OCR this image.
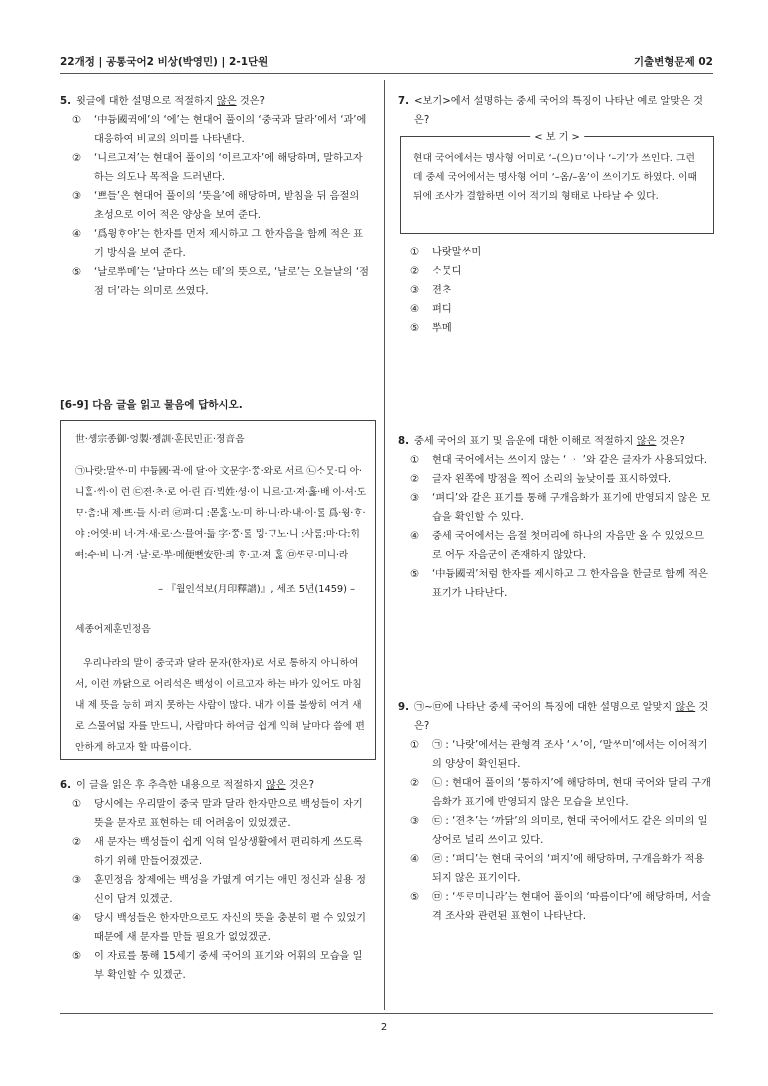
22개정 | 공통국어2 비상(박영민) | 2-1단원	기출변형문제 02
5. 윗글에 대한 설명으로 적절하지 않은 것은?
① ‘中듕國귁에’의 ‘에’는 현대어 풀이의 ‘중국과 달라’에서 ‘과’에 대응하여 비교의 의미를 나타낸다.
② ‘니르고져’는 현대어 풀이의 ‘이르고자’에 해당하며, 말하고자 하는 의도나 목적을 드러낸다.
③ ‘쁘들’은 현대어 풀이의 ‘뜻을’에 해당하며, 받침을 뒤 음절의 초성으로 이어 적은 양상을 보여 준다.
④ ‘爲윙ᄒᆞ야’는 한자를 먼저 제시하고 그 한자음을 함께 적은 표기 방식을 보여 준다.
⑤ ‘날로ᄡᅮ메’는 ‘날마다 쓰는 데’의 뜻으로, ‘날로’는 오늘날의 ‘점점 더’라는 의미로 쓰였다.
[6-9] 다음 글을 읽고 물음에 답하시오.
世·솅宗종御·엉製·졩訓·훈民민正·졍音음
㉠나랏:말ᄊᆞ·미 中듕國·귁·에 달·아 文문字·ᄍᆞᆼ·와로 서르 ㉡ᄉᆞᄆᆞᆺ·디 아·니ᄒᆞᆯ·ᄊᆡ·이 런 ㉢젼·ᄎᆞ·로 어·린 百·ᄇᆡᆨ姓·셩·이 니르·고·져·홇·배 이·셔·도 ᄆᆞ·ᄎᆞᆷ:내 제·ᄠᅳ·들 시·러 ㉣펴·디 :몯ᄒᆞᇙ·노·미 하·니·라·내·이·ᄅᆞᆯ 爲·윙·ᄒᆞ·야 :어엿·비 너·겨·새·로·스·믈여·듧 字·ᄍᆞᆼ·ᄅᆞᆯ ᄆᆡᇰ·ᄀᆞ노·니 :사ᄅᆞᆷ:마·다:ᄒᆡᅇᅧ:수·비 니·겨 ·날·로·ᄡᅮ·메便뼌安ᅙᅡᆫ·킈 ᄒᆞ·고·져 ᄒᆞᇙ ㉤ᄯᆞᄅᆞ·미니·라
– 『월인석보(月印釋譜)』, 세조 5년(1459) –
세종어제훈민정음
우리나라의 말이 중국과 달라 문자(한자)로 서로 통하지 아니하여서, 이런 까닭으로 어리석은 백성이 이르고자 하는 바가 있어도 마침내 제 뜻을 능히 펴지 못하는 사람이 많다. 내가 이를 불쌍히 여겨 새로 스물여덟 자를 만드니, 사람마다 하여금 쉽게 익혀 날마다 씀에 편안하게 하고자 할 따름이다.
6. 이 글을 읽은 후 추측한 내용으로 적절하지 않은 것은?
① 당시에는 우리말이 중국 말과 달라 한자만으로 백성들이 자기 뜻을 문자로 표현하는 데 어려움이 있었겠군.
② 새 문자는 백성들이 쉽게 익혀 일상생활에서 편리하게 쓰도록 하기 위해 만들어졌겠군.
③ 훈민정음 창제에는 백성을 가엾게 여기는 애민 정신과 실용 정신이 담겨 있겠군.
④ 당시 백성들은 한자만으로도 자신의 뜻을 충분히 펼 수 있었기 때문에 새 문자를 만들 필요가 없었겠군.
⑤ 이 자료를 통해 15세기 중세 국어의 표기와 어휘의 모습을 일부 확인할 수 있겠군.
7. <보기>에서 설명하는 중세 국어의 특징이 나타난 예로 알맞은 것은?
< 보 기 >
현대 국어에서는 명사형 어미로 ‘–(으)ㅁ’이나 ‘–기’가 쓰인다. 그런데 중세 국어에서는 명사형 어미 ‘–옴/–움’이 쓰이기도 하였다. 이때 뒤에 조사가 결합하면 이어 적기의 형태로 나타날 수 있다.
① 나랏말ᄊᆞ미
② ᄉᆞᄆᆞᆺ디
③ 젼ᄎᆞ
④ 펴디
⑤ ᄡᅮ메
8. 중세 국어의 표기 및 음운에 대한 이해로 적절하지 않은 것은?
① 현대 국어에서는 쓰이지 않는 ‘ ᆞ ’와 같은 글자가 사용되었다.
② 글자 왼쪽에 방점을 찍어 소리의 높낮이를 표시하였다.
③ ‘펴디’와 같은 표기를 통해 구개음화가 표기에 반영되지 않은 모습을 확인할 수 있다.
④ 중세 국어에서는 음절 첫머리에 하나의 자음만 올 수 있었으므로 어두 자음군이 존재하지 않았다.
⑤ ‘中듕國귁’처럼 한자를 제시하고 그 한자음을 한글로 함께 적은 표기가 나타난다.
9. ㉠~㉤에 나타난 중세 국어의 특징에 대한 설명으로 알맞지 않은 것은?
① ㉠ : ‘나랏’에서는 관형격 조사 ‘ㅅ’이, ‘말ᄊᆞ미’에서는 이어적기의 양상이 확인된다.
② ㉡ : 현대어 풀이의 ‘통하지’에 해당하며, 현대 국어와 달리 구개음화가 표기에 반영되지 않은 모습을 보인다.
③ ㉢ : ‘젼ᄎᆞ’는 ‘까닭’의 의미로, 현대 국어에서도 같은 의미의 일상어로 널리 쓰이고 있다.
④ ㉣ : ‘펴디’는 현대 국어의 ‘펴지’에 해당하며, 구개음화가 적용되지 않은 표기이다.
⑤ ㉤ : ‘ᄯᆞᄅᆞ미니라’는 현대어 풀이의 ‘따름이다’에 해당하며, 서술격 조사와 관련된 표현이 나타난다.
2
